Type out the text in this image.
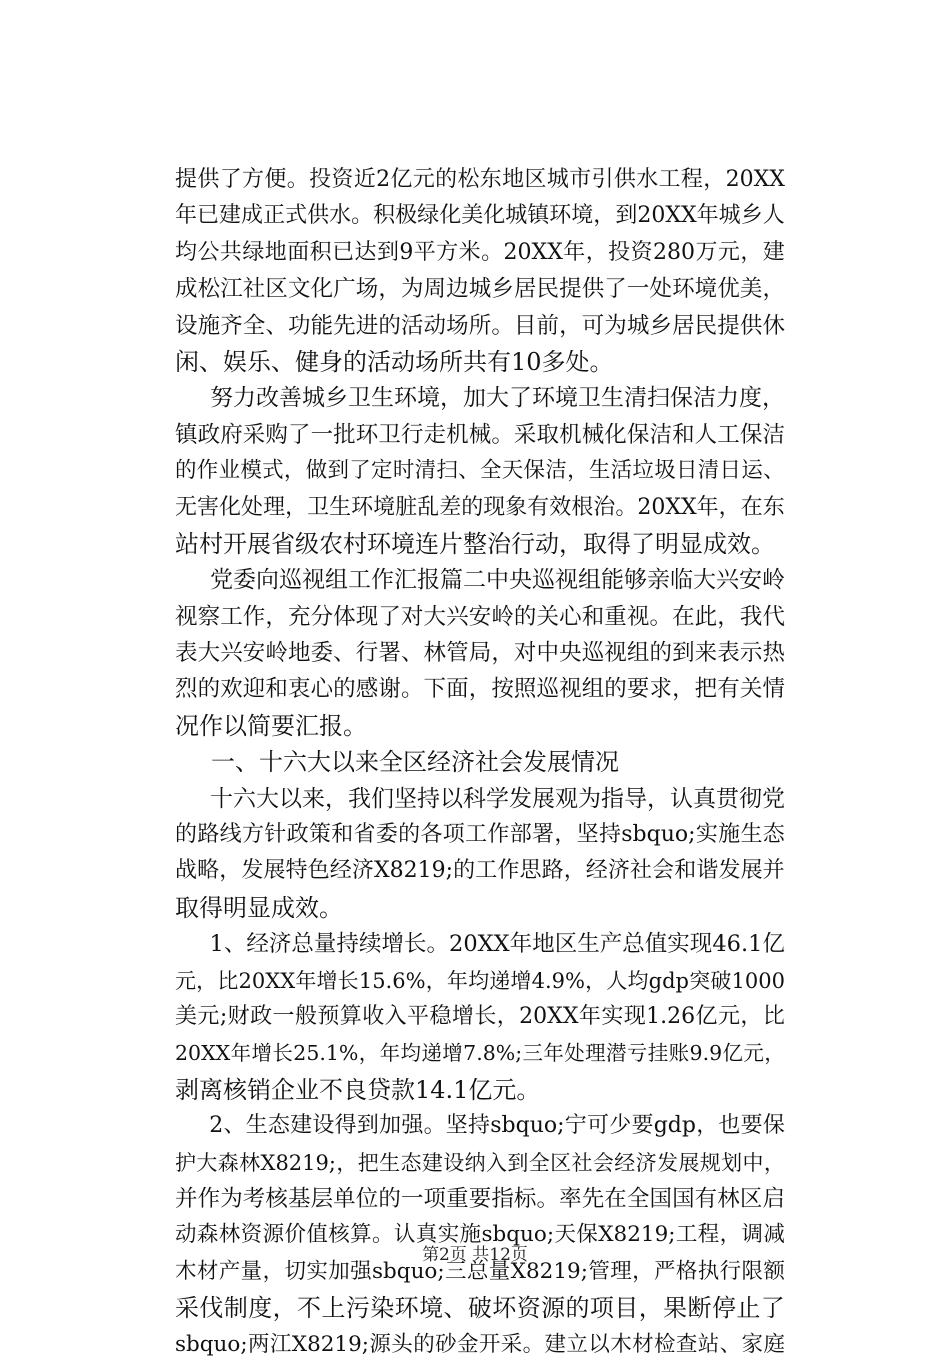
提 供 了 方 便 。 投 资 近 2 亿 元 的 松 东 地 区 城 市 引 供 水 工 程 ， 20XX
年 已 建 成 正 式 供 水 。 积 极 绿 化 美 化 城 镇 环 境 ， 到 20XX 年 城 乡 人
均 公 共 绿 地 面 积 已 达 到 9 平 方 米 。 20XX 年 ， 投 资 280 万 元 ， 建
成 松 江 社 区 文 化 广 场 ， 为 周 边 城 乡 居 民 提 供 了 一 处 环 境 优 美 ，
设 施 齐 全 、 功 能 先 进 的 活 动 场 所 。 目 前 ， 可 为 城 乡 居 民 提 供 休
闲、娱乐、健身的活动场所共有10多处。

努 力 改 善 城 乡 卫 生 环 境 ， 加 大 了 环 境 卫 生 清 扫 保 洁 力 度 ，
镇 政 府 采 购 了 一 批 环 卫 行 走 机 械 。 采 取 机 械 化 保 洁 和 人 工 保 洁
的 作 业 模 式 ， 做 到 了 定 时 清 扫 、 全 天 保 洁 ， 生 活 垃 圾 日 清 日 运 、
无 害 化 处 理 ， 卫 生 环 境 脏 乱 差 的 现 象 有 效 根 治 。 20XX 年 ， 在 东
站村开展省级农村环境连片整治行动，取得了明显成效。

党 委 向 巡 视 组 工 作 汇 报 篇 二 中 央 巡 视 组 能 够 亲 临 大 兴 安 岭
视 察 工 作 ， 充 分 体 现 了 对 大 兴 安 岭 的 关 心 和 重 视 。 在 此 ， 我 代
表 大 兴 安 岭 地 委 、 行 署 、 林 管 局 ， 对 中 央 巡 视 组 的 到 来 表 示 热
烈 的 欢 迎 和 衷 心 的 感 谢 。 下 面 ， 按 照 巡 视 组 的 要 求 ， 把 有 关 情
况作以简要汇报。
　一、十六大以来全区经济社会发展情况

十 六 大 以 来 ， 我 们 坚 持 以 科 学 发 展 观 为 指 导 ， 认 真 贯 彻 党
的 路 线 方 针 政 策 和 省 委 的 各 项 工 作 部 署 ， 坚 持 sbquo; 实 施 生 态
战 略 ， 发 展 特 色 经 济 X8219; 的 工 作 思 路 ， 经 济 社 会 和 谐 发 展 并
取得明显成效。

1 、 经 济 总 量 持 续 增 长 。 20XX 年 地 区 生 产 总 值 实 现 46.1 亿
元 ， 比 20XX 年 增 长 15.6% ， 年 均 递 增 4.9% ， 人 均 gdp 突 破 1000
美 元 ; 财 政 一 般 预 算 收 入 平 稳 增 长 ， 20XX 年 实 现 1.26 亿 元 ， 比
20XX 年 增 长 25.1% ， 年 均 递 增 7.8%; 三 年 处 理 潜 亏 挂 账 9.9 亿 元 ，
剥离核销企业不良贷款14.1亿元。

2 、 生 态 建 设 得 到 加 强 。 坚 持 sbquo; 宁 可 少 要 gdp ， 也 要 保
护 大 森 林 X8219; ， 把 生 态 建 设 纳 入 到 全 区 社 会 经 济 发 展 规 划 中 ，
并 作 为 考 核 基 层 单 位 的 一 项 重 要 指 标 。 率 先 在 全 国 国 有 林 区 启
动 森 林 资 源 价 值 核 算 。 认 真 实 施 sbquo; 天 保 X8219; 工 程 ， 调 减
木 材 产 量 ， 切 实 加 强 sbquo; 三 总 量 X8219; 管 理 ， 严 格 执 行 限 额
采 伐 制 度 ， 不 上 污 染 环 境 、 破 坏 资 源 的 项 目 ， 果 断 停 止 了
sbquo; 两 江 X8219; 源 头 的 砂 金 开 采 。 建 立 以 木 材 检 查 站 、 家 庭
第2页 共12页
